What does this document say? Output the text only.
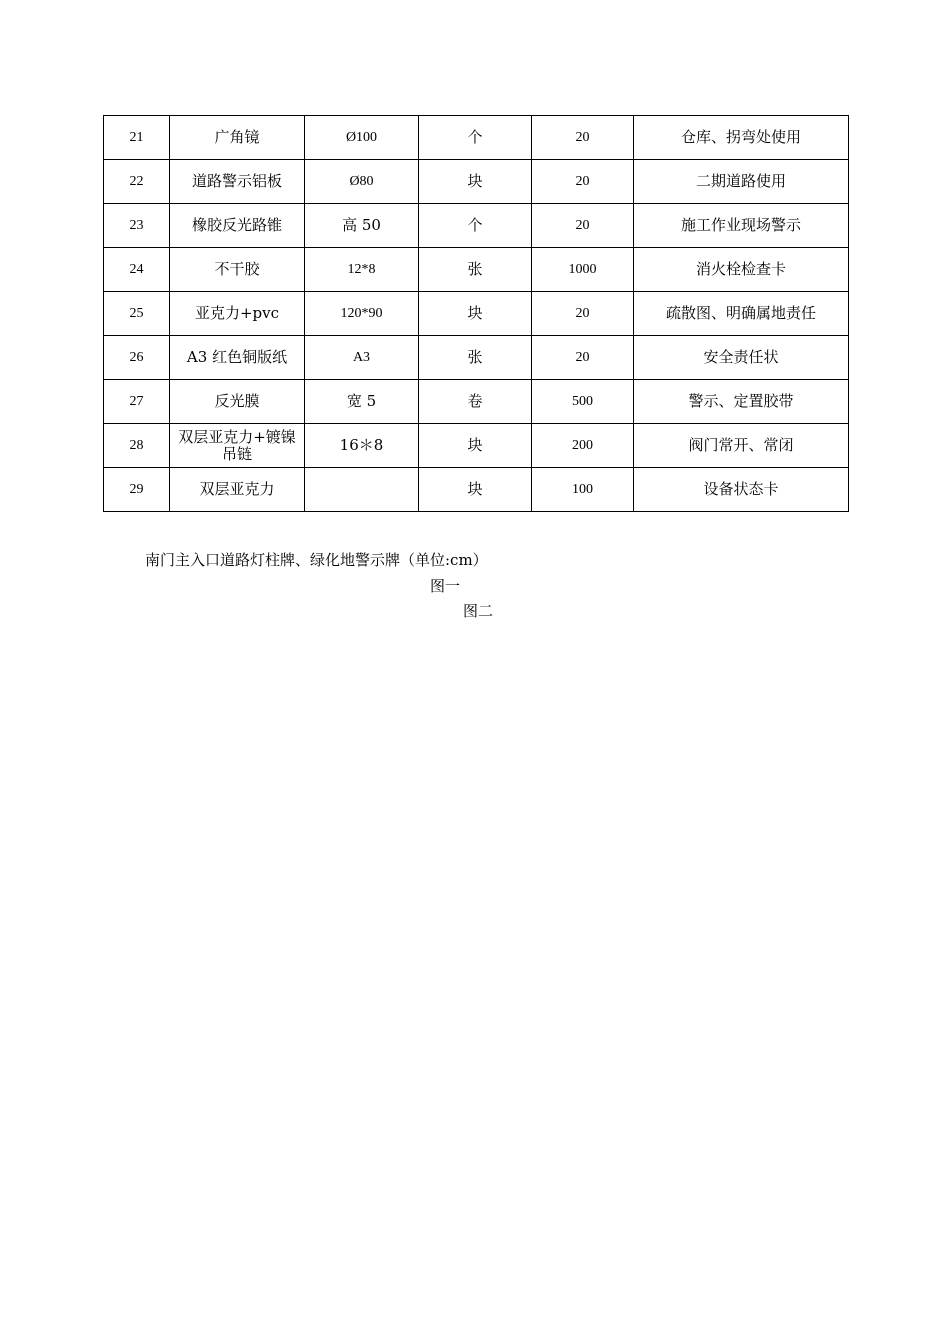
21	广角镜	Ø100	个	20	仓库、拐弯处使用
22	道路警示铝板	Ø80	块	20	二期道路使用
23	橡胶反光路锥	高 50	个	20	施工作业现场警示
24	不干胶	12*8	张	1000	消火栓检查卡
25	亚克力+pvc	120*90	块	20	疏散图、明确属地责任
26	A3 红色铜版纸	A3	张	20	安全责任状
27	反光膜	宽 5	卷	500	警示、定置胶带
28	双层亚克力+镀镍吊链	16＊8	块	200	阀门常开、常闭
29	双层亚克力		块	100	设备状态卡
南门主入口道路灯柱牌、绿化地警示牌（单位:cm）
图一
图二
